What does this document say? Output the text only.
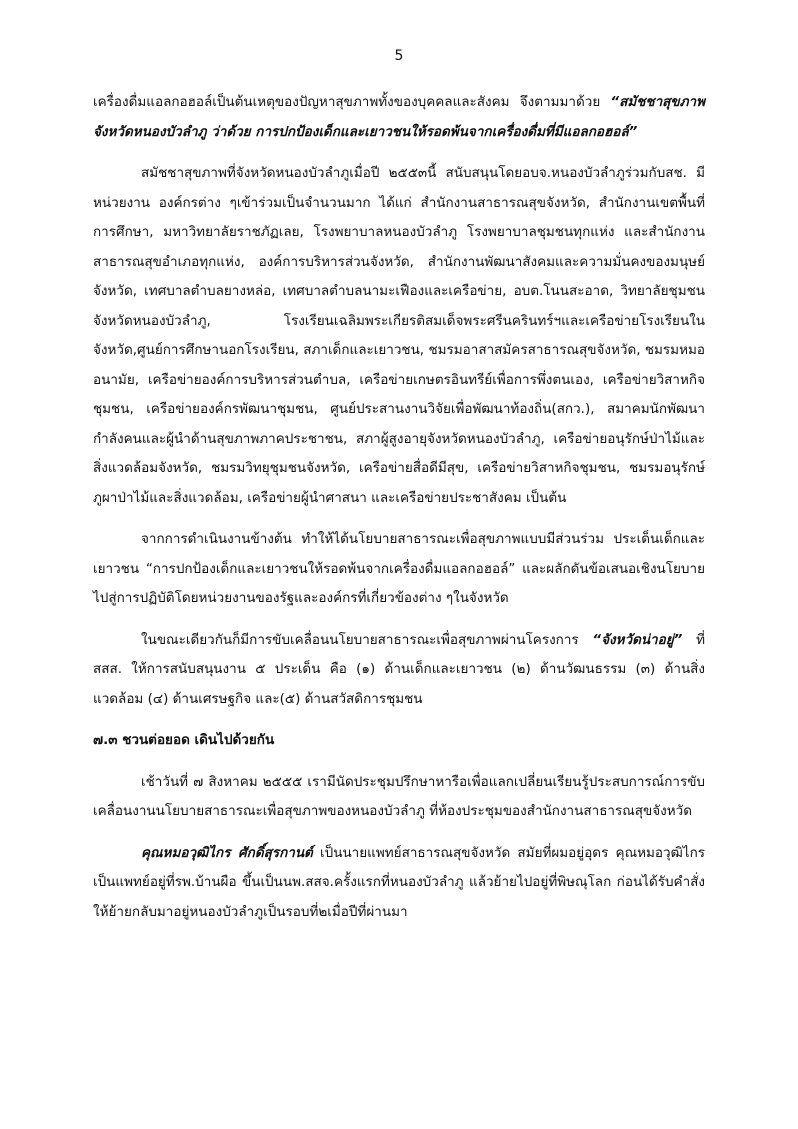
5

เครื่องดื่มแอลกอฮอล์เป็นต้นเหตุของปัญหาสุขภาพทั้งของบุคคลและสังคม จึงตามมาด้วย “สมัชชาสุขภาพจังหวัดหนองบัวลำภู ว่าด้วย การปกป้องเด็กและเยาวชนให้รอดพ้นจากเครื่องดื่มที่มีแอลกอฮอล์”

สมัชชาสุขภาพที่จังหวัดหนองบัวลำภูเมื่อปี ๒๕๕๓นี้ สนับสนุนโดยอบจ.หนองบัวลำภูร่วมกับสช. มีหน่วยงาน องค์กรต่าง ๆเข้าร่วมเป็นจำนวนมาก ได้แก่ สำนักงานสาธารณสุขจังหวัด, สำนักงานเขตพื้นที่การศึกษา, มหาวิทยาลัยราชภัฏเลย, โรงพยาบาลหนองบัวลำภู โรงพยาบาลชุมชนทุกแห่ง และสำนักงานสาธารณสุขอำเภอทุกแห่ง, องค์การบริหารส่วนจังหวัด, สำนักงานพัฒนาสังคมและความมั่นคงของมนุษย์จังหวัด, เทศบาลตำบลยางหล่อ, เทศบาลตำบลนามะเฟืองและเครือข่าย, อบต.โนนสะอาด, วิทยาลัยชุมชนจังหวัดหนองบัวลำภู, โรงเรียนเฉลิมพระเกียรติสมเด็จพระศรีนครินทร์ฯและเครือข่ายโรงเรียนในจังหวัด,ศูนย์การศึกษานอกโรงเรียน, สภาเด็กและเยาวชน, ชมรมอาสาสมัครสาธารณสุขจังหวัด, ชมรมหมออนามัย, เครือข่ายองค์การบริหารส่วนตำบล, เครือข่ายเกษตรอินทรีย์เพื่อการพึ่งตนเอง, เครือข่ายวิสาหกิจชุมชน, เครือข่ายองค์กรพัฒนาชุมชน, ศูนย์ประสานงานวิจัยเพื่อพัฒนาท้องถิ่น(สกว.), สมาคมนักพัฒนากำลังคนและผู้นำด้านสุขภาพภาคประชาชน, สภาผู้สูงอายุจังหวัดหนองบัวลำภู, เครือข่ายอนุรักษ์ป่าไม้และสิ่งแวดล้อมจังหวัด, ชมรมวิทยุชุมชนจังหวัด, เครือข่ายสื่อดีมีสุข, เครือข่ายวิสาหกิจชุมชน, ชมรมอนุรักษ์ภูผาป่าไม้และสิ่งแวดล้อม, เครือข่ายผู้นำศาสนา และเครือข่ายประชาสังคม เป็นต้น

จากการดำเนินงานข้างต้น ทำให้ได้นโยบายสาธารณะเพื่อสุขภาพแบบมีส่วนร่วม ประเด็นเด็กและเยาวชน “การปกป้องเด็กและเยาวชนให้รอดพ้นจากเครื่องดื่มแอลกอฮอล์” และผลักดันข้อเสนอเชิงนโยบายไปสู่การปฏิบัติโดยหน่วยงานของรัฐและองค์กรที่เกี่ยวข้องต่าง ๆในจังหวัด

ในขณะเดียวกันก็มีการขับเคลื่อนนโยบายสาธารณะเพื่อสุขภาพผ่านโครงการ “จังหวัดน่าอยู่” ที่ สสส. ให้การสนับสนุนงาน ๕ ประเด็น คือ (๑) ด้านเด็กและเยาวชน (๒) ด้านวัฒนธรรม (๓) ด้านสิ่งแวดล้อม (๔) ด้านเศรษฐกิจ และ(๕) ด้านสวัสดิการชุมชน

๗.๓ ชวนต่อยอด เดินไปด้วยกัน

เช้าวันที่ ๗ สิงหาคม ๒๕๕๕ เรามีนัดประชุมปรึกษาหารือเพื่อแลกเปลี่ยนเรียนรู้ประสบการณ์การขับเคลื่อนงานนโยบายสาธารณะเพื่อสุขภาพของหนองบัวลำภู ที่ห้องประชุมของสำนักงานสาธารณสุขจังหวัด

คุณหมอวุฒิไกร ศักดิ์สุรกานต์ เป็นนายแพทย์สาธารณสุขจังหวัด สมัยที่ผมอยู่อุดร คุณหมอวุฒิไกรเป็นแพทย์อยู่ที่รพ.บ้านผือ ขึ้นเป็นนพ.สสจ.ครั้งแรกที่หนองบัวลำภู แล้วย้ายไปอยู่ที่พิษณุโลก ก่อนได้รับคำสั่งให้ย้ายกลับมาอยู่หนองบัวลำภูเป็นรอบที่๒เมื่อปีที่ผ่านมา
